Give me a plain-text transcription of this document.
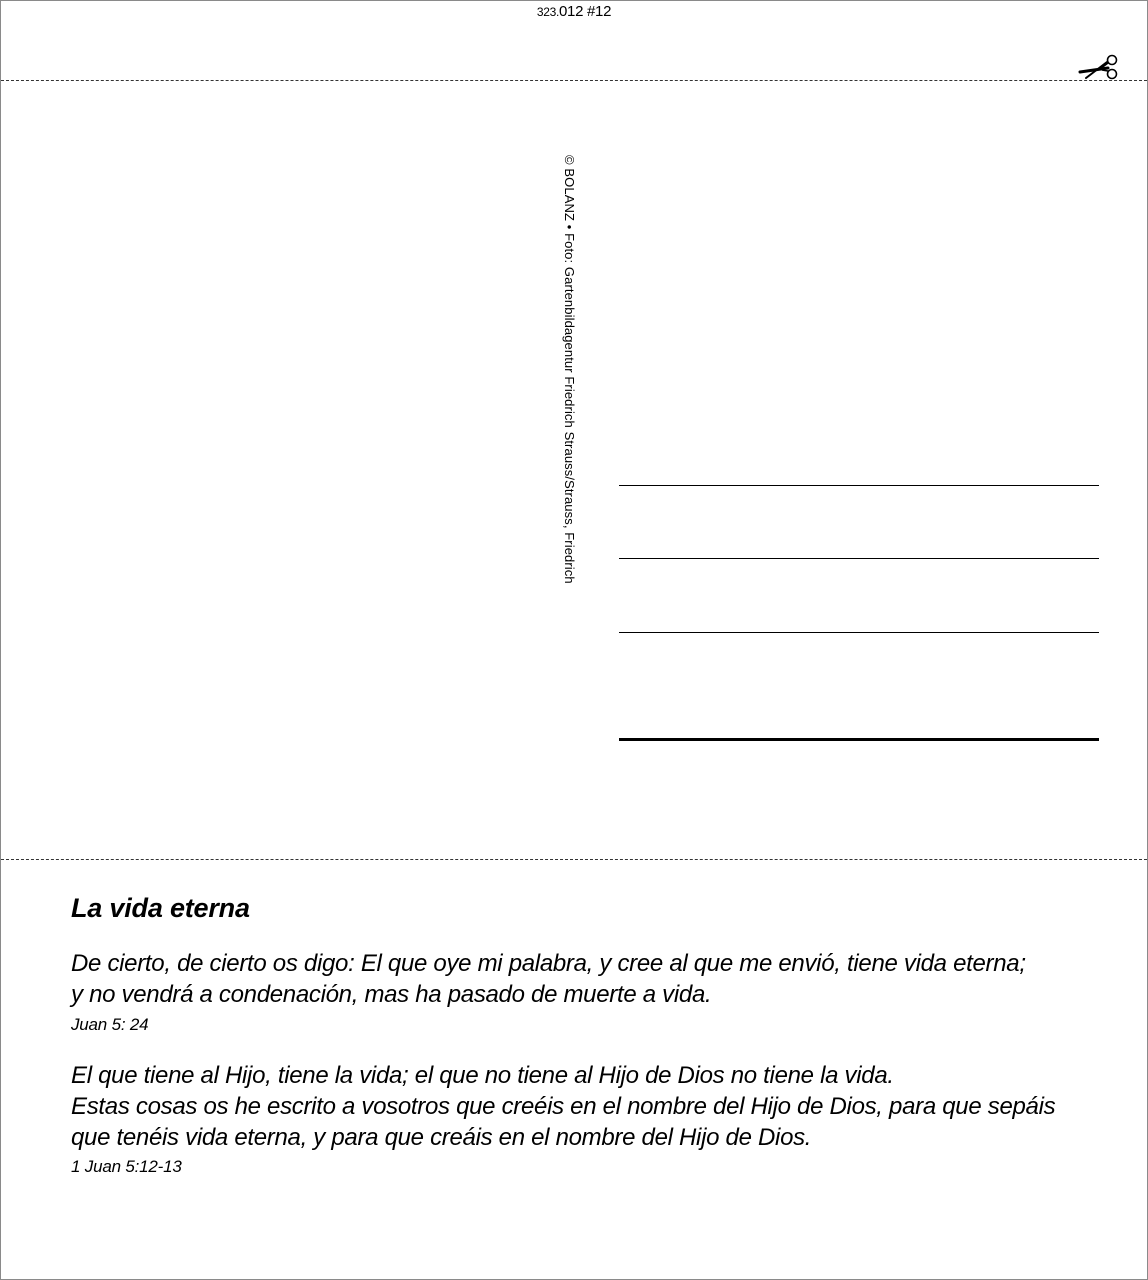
323.012 #12
© BOLANZ • Foto: Gartenbildagentur Friedrich Strauss/Strauss, Friedrich
La vida eterna

De cierto, de cierto os digo: El que oye mi palabra, y cree al que me envió, tiene vida eterna;
y no vendrá a condenación, mas ha pasado de muerte a vida.

Juan 5: 24

El que tiene al Hijo, tiene la vida; el que no tiene al Hijo de Dios no tiene la vida.
Estas cosas os he escrito a vosotros que creéis en el nombre del Hijo de Dios, para que sepáis
que tenéis vida eterna, y para que creáis en el nombre del Hijo de Dios.

1 Juan 5:12-13
